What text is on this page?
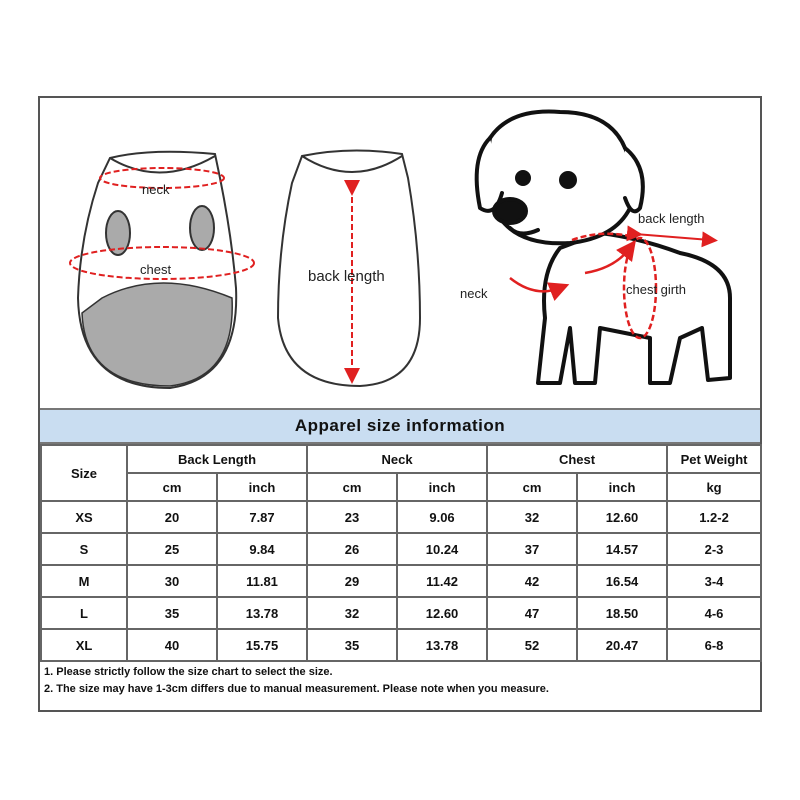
neck
chest	back length
back length
neck	chest girth
Apparel size information
Size	Back Length		Neck		Chest		Pet Weight
	cm	inch	cm	inch	cm	inch	kg
XS	20	7.87	23	9.06	32	12.60	1.2-2
S	25	9.84	26	10.24	37	14.57	2-3
M	30	11.81	29	11.42	42	16.54	3-4
L	35	13.78	32	12.60	47	18.50	4-6
XL	40	15.75	35	13.78	52	20.47	6-8
1. Please strictly follow the size chart to select the size.
2. The size may have 1-3cm differs due to manual measurement. Please note when you measure.
